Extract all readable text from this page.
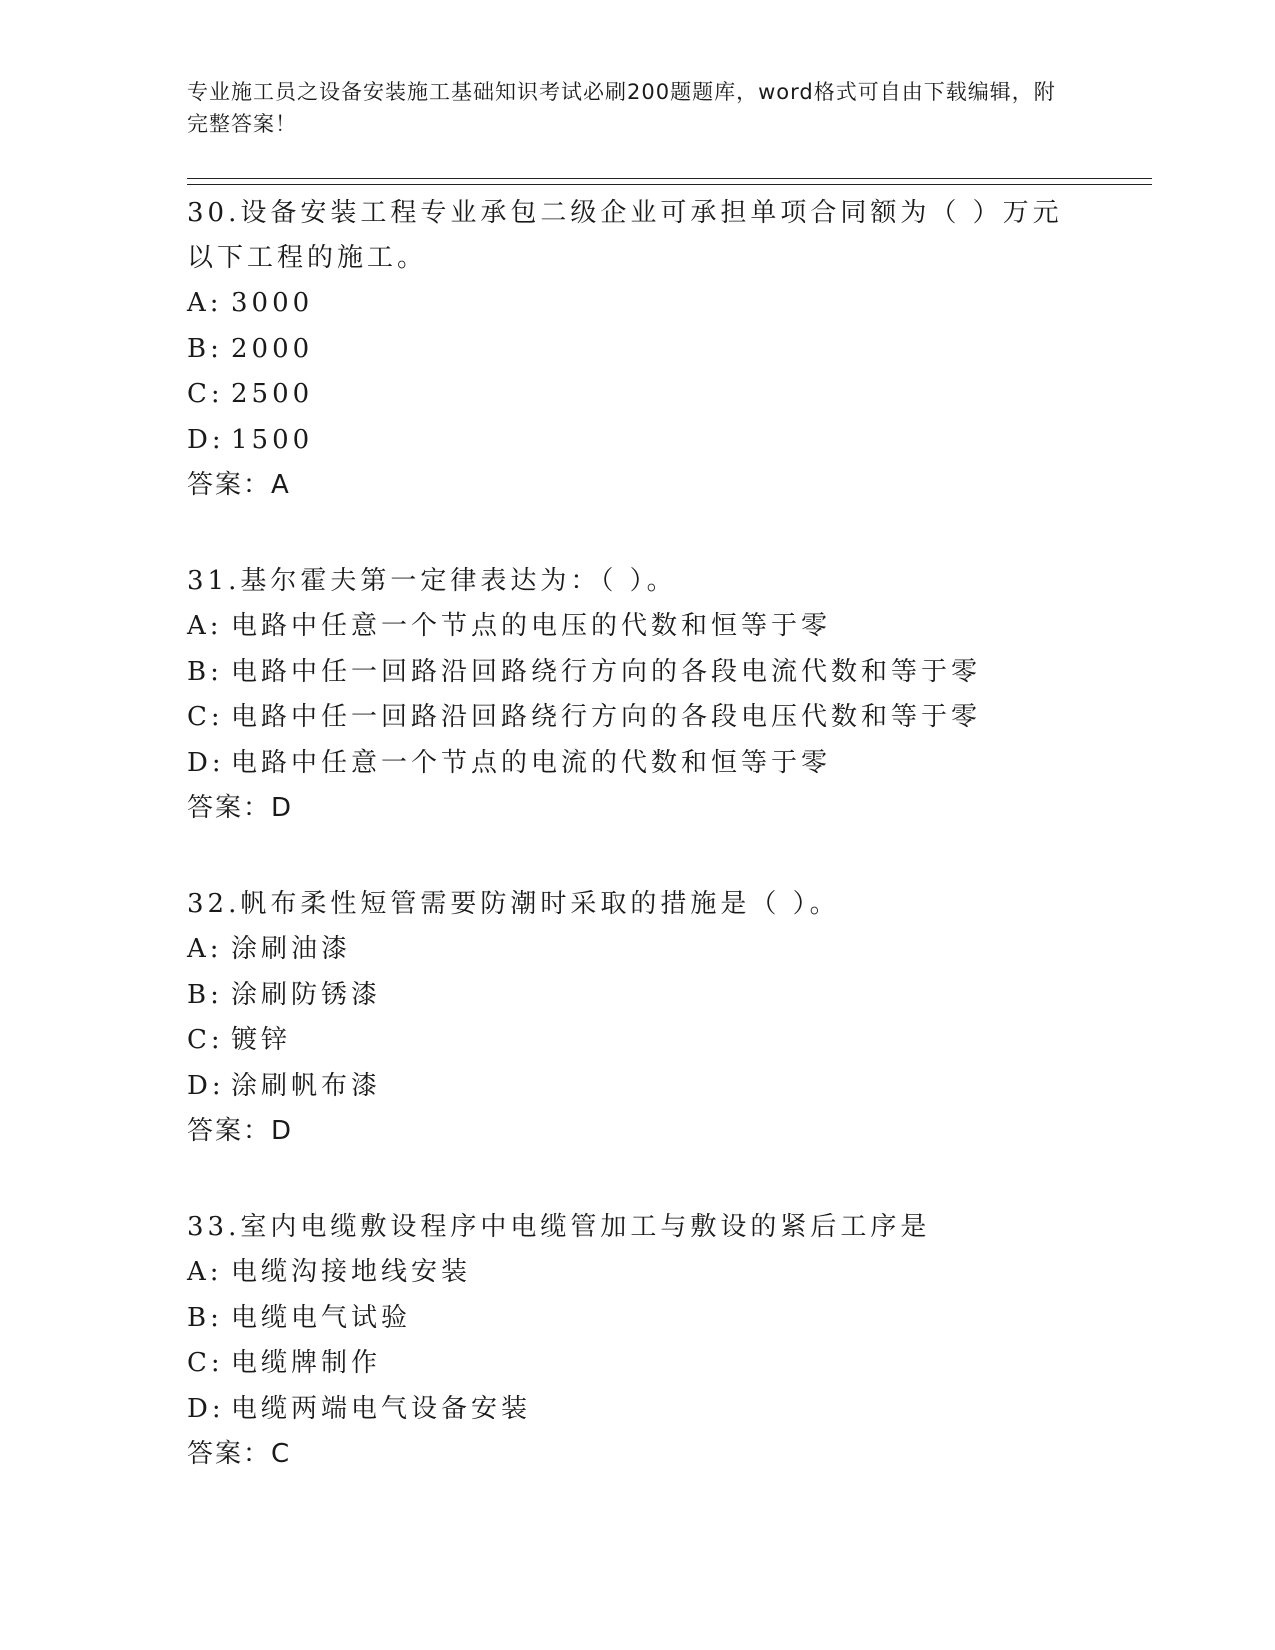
专业施工员之设备安装施工基础知识考试必刷200题题库，word格式可自由下载编辑，附完整答案！
30.设备安装工程专业承包二级企业可承担单项合同额为（ ）万元以下工程的施工。
A: 3000
B: 2000
C: 2500
D: 1500
答案：A
31.基尔霍夫第一定律表达为：（ ）。
A: 电路中任意一个节点的电压的代数和恒等于零
B: 电路中任一回路沿回路绕行方向的各段电流代数和等于零
C: 电路中任一回路沿回路绕行方向的各段电压代数和等于零
D: 电路中任意一个节点的电流的代数和恒等于零
答案：D
32.帆布柔性短管需要防潮时采取的措施是（ ）。
A: 涂刷油漆
B: 涂刷防锈漆
C: 镀锌
D: 涂刷帆布漆
答案：D
33.室内电缆敷设程序中电缆管加工与敷设的紧后工序是
A: 电缆沟接地线安装
B: 电缆电气试验
C: 电缆牌制作
D: 电缆两端电气设备安装
答案：C
